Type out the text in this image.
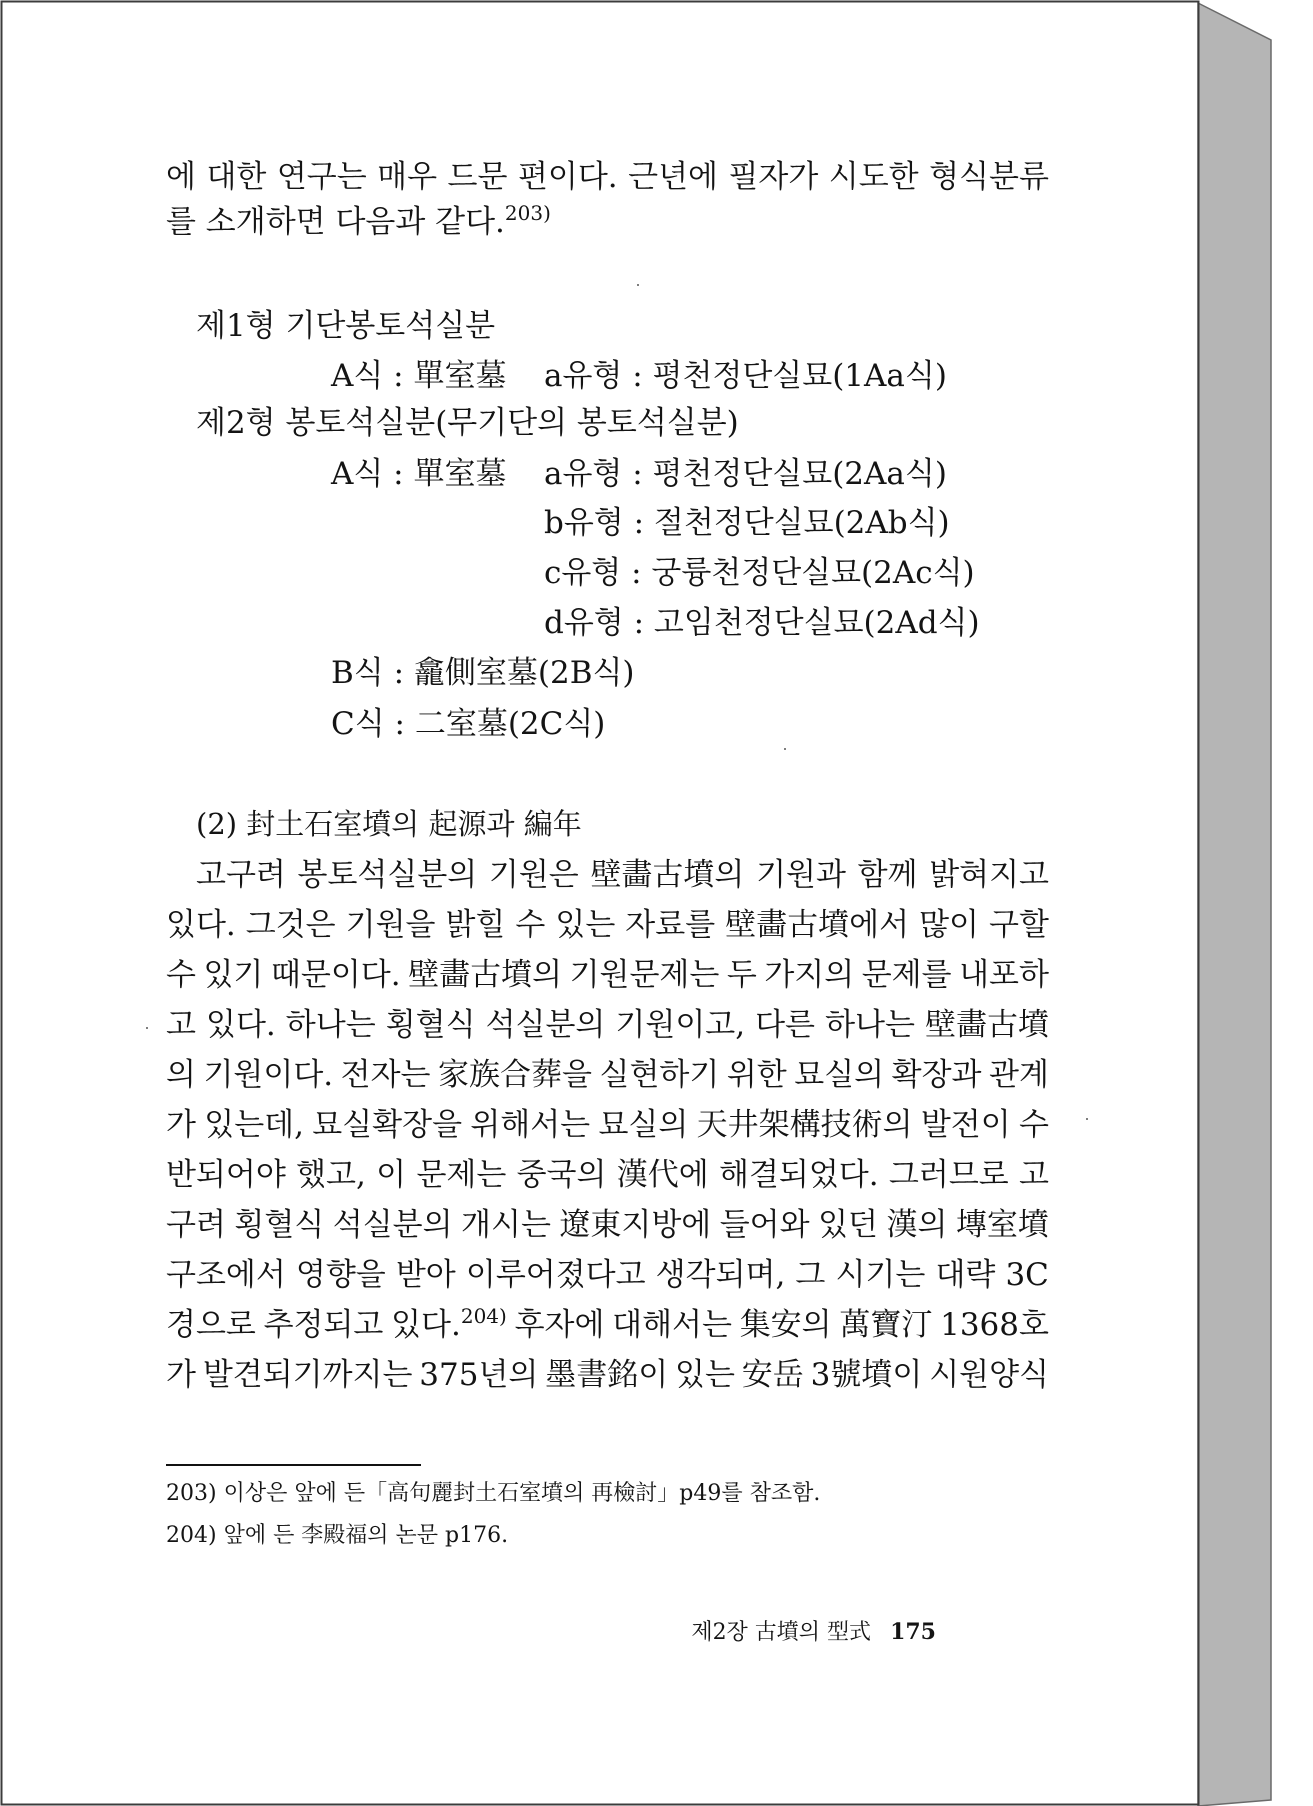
에 대한 연구는 매우 드문 편이다. 근년에 필자가 시도한 형식분류
를 소개하면 다음과 같다.$^{203)}$
제1형 기단봉토석실분
A식 : 單室墓 a유형 : 평천정단실묘(1Aa식)
제2형 봉토석실분(무기단의 봉토석실분)
A식 : 單室墓 a유형 : 평천정단실묘(2Aa식)
b유형 : 절천정단실묘(2Ab식)
c유형 : 궁륭천정단실묘(2Ac식)
d유형 : 고임천정단실묘(2Ad식)
B식 : 龕側室墓(2B식)
C식 : 二室墓(2C식)
(2) 封土石室墳의 起源과 編年
고구려 봉토석실분의 기원은 壁畵古墳의 기원과 함께 밝혀지고
있다. 그것은 기원을 밝힐 수 있는 자료를 壁畵古墳에서 많이 구할
수 있기 때문이다. 壁畵古墳의 기원문제는 두 가지의 문제를 내포하
고 있다. 하나는 횡혈식 석실분의 기원이고, 다른 하나는 壁畵古墳
의 기원이다. 전자는 家族合葬을 실현하기 위한 묘실의 확장과 관계
가 있는데, 묘실확장을 위해서는 묘실의 天井架構技術의 발전이 수
반되어야 했고, 이 문제는 중국의 漢代에 해결되었다. 그러므로 고
구려 횡혈식 석실분의 개시는 遼東지방에 들어와 있던 漢의 塼室墳
구조에서 영향을 받아 이루어졌다고 생각되며, 그 시기는 대략 3C
경으로 추정되고 있다.$^{204)}$ 후자에 대해서는 集安의 萬寶汀 1368호
가 발견되기까지는 375년의 墨書銘이 있는 安岳 3號墳이 시원양식
203) 이상은 앞에 든「高句麗封土石室墳의 再檢討」p49를 참조함.
204) 앞에 든 李殿福의 논문 p176.
제2장 古墳의 型式 175
